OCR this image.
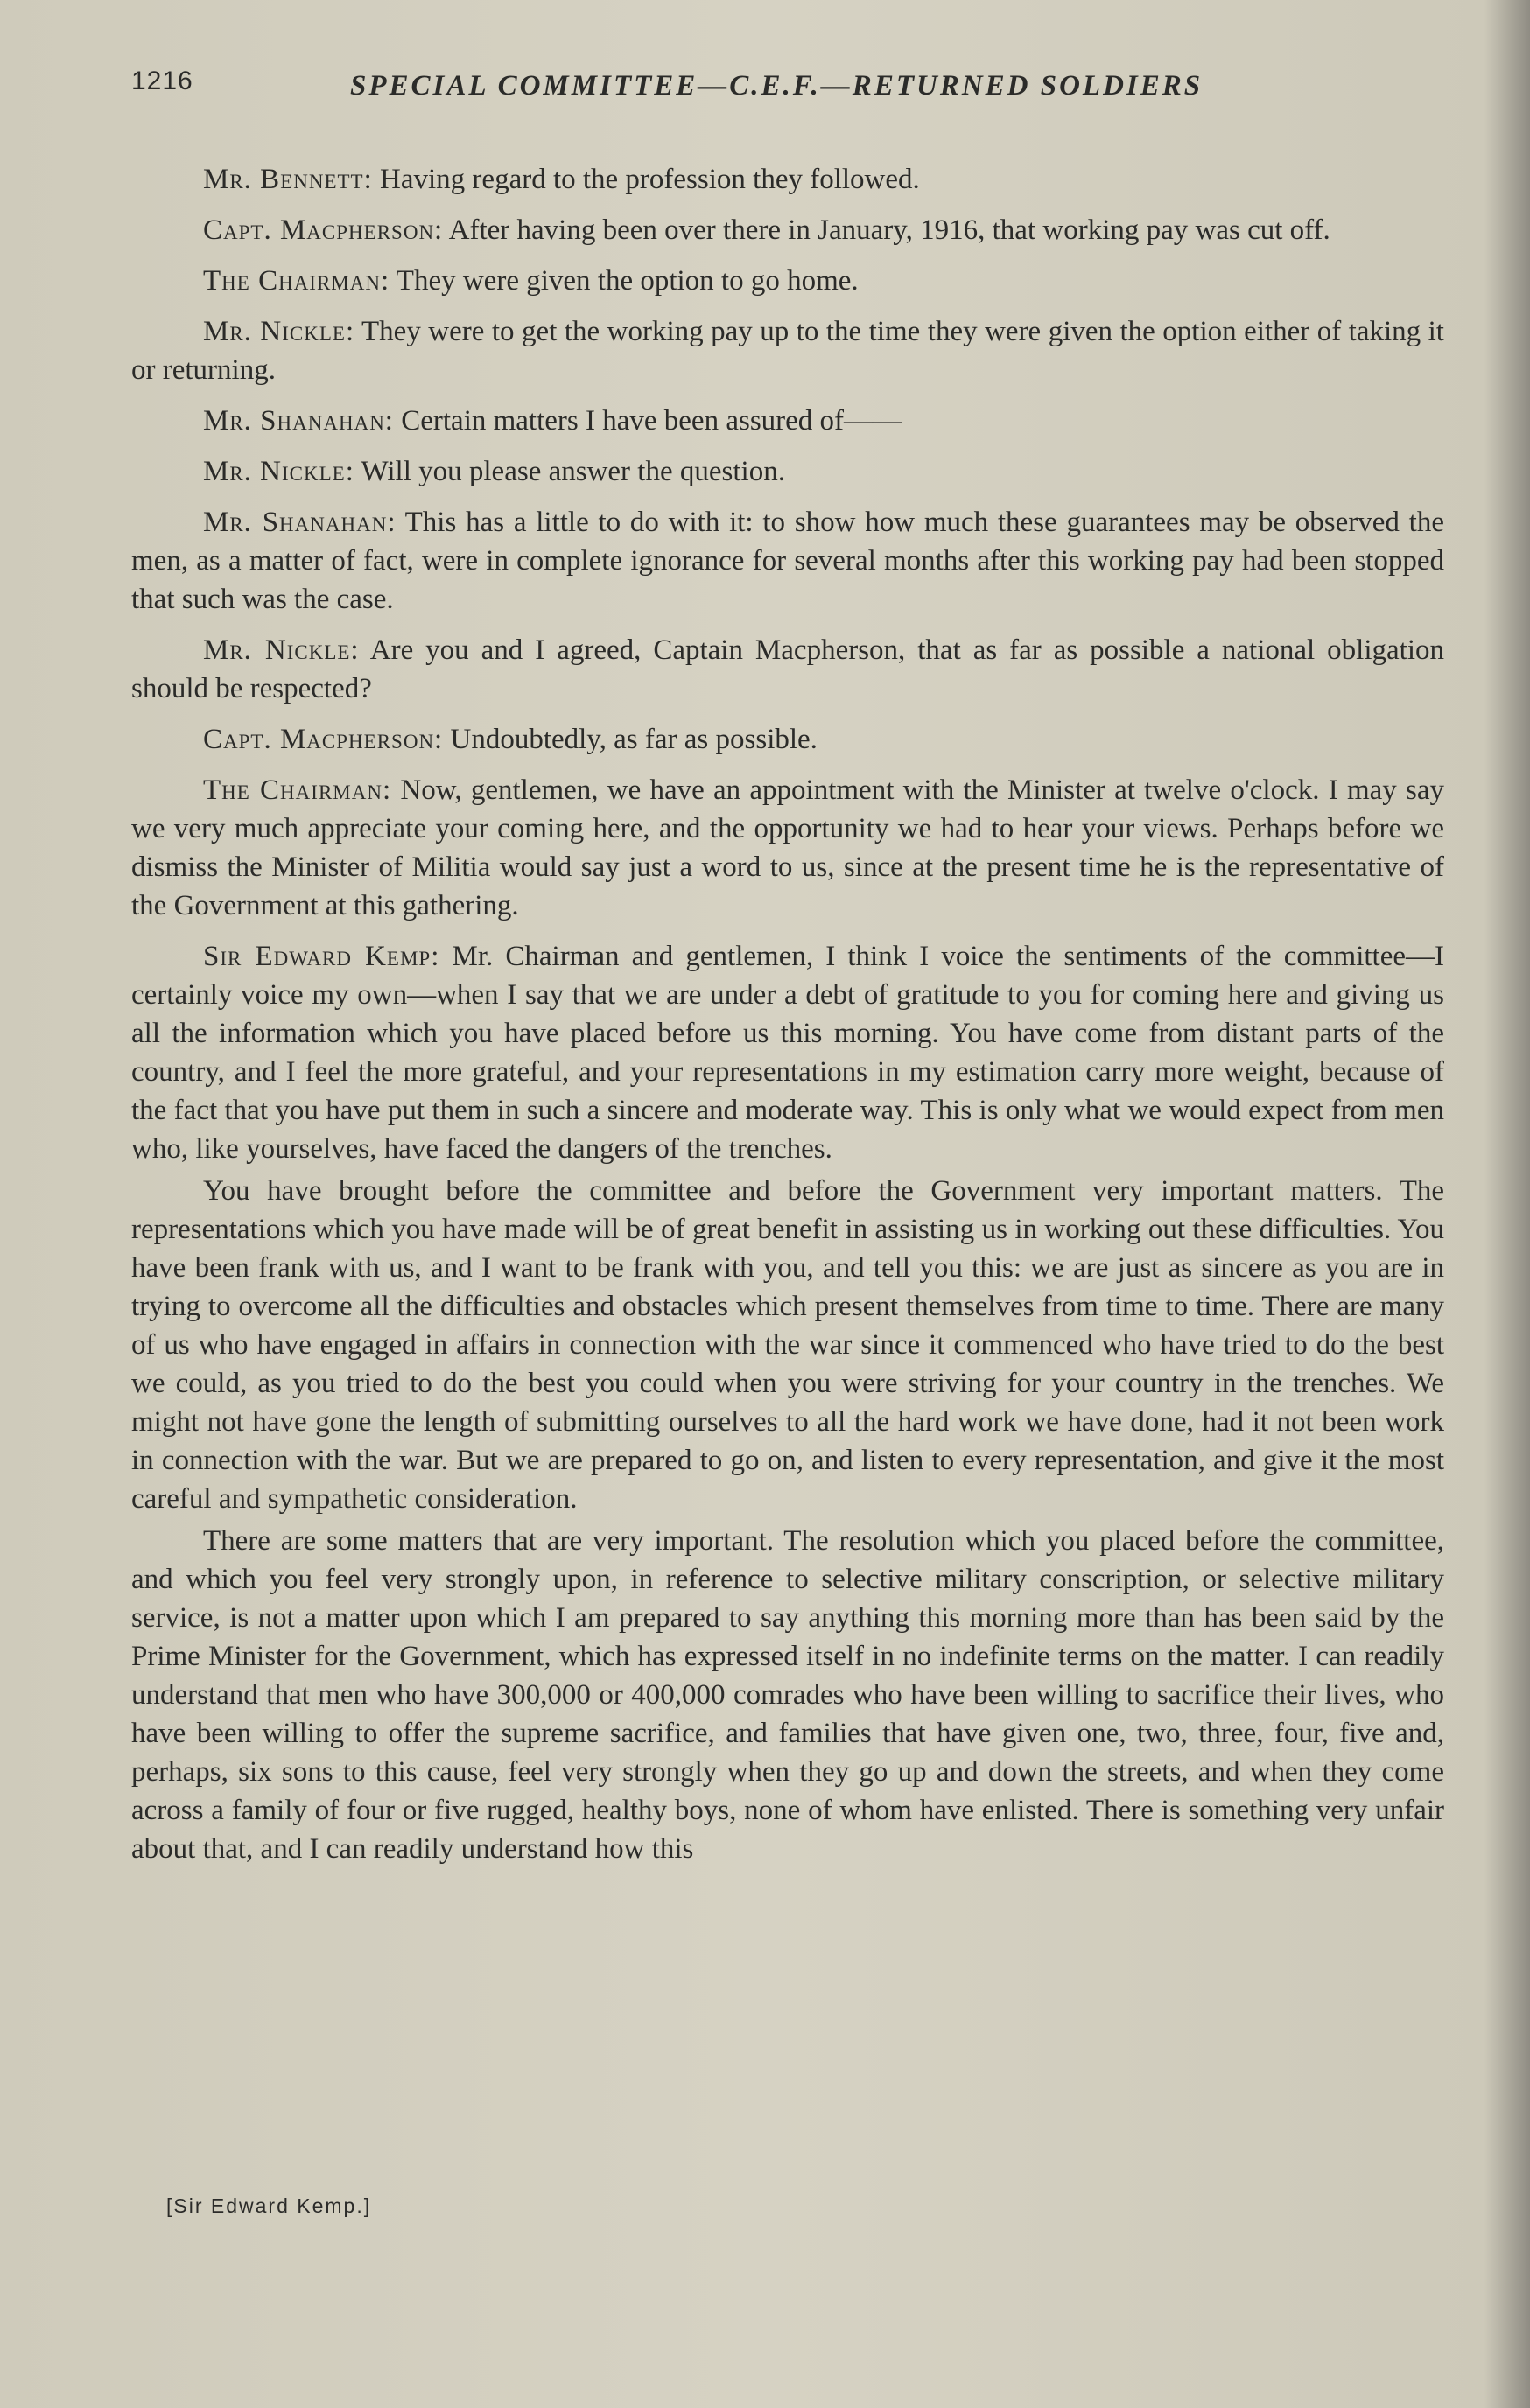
1216	SPECIAL COMMITTEE—C.E.F.—RETURNED SOLDIERS

Mr. Bennett: Having regard to the profession they followed.

Capt. Macpherson: After having been over there in January, 1916, that working pay was cut off.

The Chairman: They were given the option to go home.

Mr. Nickle: They were to get the working pay up to the time they were given the option either of taking it or returning.

Mr. Shanahan: Certain matters I have been assured of——

Mr. Nickle: Will you please answer the question.

Mr. Shanahan: This has a little to do with it: to show how much these guarantees may be observed the men, as a matter of fact, were in complete ignorance for several months after this working pay had been stopped that such was the case.

Mr. Nickle: Are you and I agreed, Captain Macpherson, that as far as possible a national obligation should be respected?

Capt. Macpherson: Undoubtedly, as far as possible.

The Chairman: Now, gentlemen, we have an appointment with the Minister at twelve o'clock. I may say we very much appreciate your coming here, and the opportunity we had to hear your views. Perhaps before we dismiss the Minister of Militia would say just a word to us, since at the present time he is the representative of the Government at this gathering.

Sir Edward Kemp: Mr. Chairman and gentlemen, I think I voice the sentiments of the committee—I certainly voice my own—when I say that we are under a debt of gratitude to you for coming here and giving us all the information which you have placed before us this morning. You have come from distant parts of the country, and I feel the more grateful, and your representations in my estimation carry more weight, because of the fact that you have put them in such a sincere and moderate way. This is only what we would expect from men who, like yourselves, have faced the dangers of the trenches.

You have brought before the committee and before the Government very important matters. The representations which you have made will be of great benefit in assisting us in working out these difficulties. You have been frank with us, and I want to be frank with you, and tell you this: we are just as sincere as you are in trying to overcome all the difficulties and obstacles which present themselves from time to time. There are many of us who have engaged in affairs in connection with the war since it commenced who have tried to do the best we could, as you tried to do the best you could when you were striving for your country in the trenches. We might not have gone the length of submitting ourselves to all the hard work we have done, had it not been work in connection with the war. But we are prepared to go on, and listen to every representation, and give it the most careful and sympathetic consideration.

There are some matters that are very important. The resolution which you placed before the committee, and which you feel very strongly upon, in reference to selective military conscription, or selective military service, is not a matter upon which I am prepared to say anything this morning more than has been said by the Prime Minister for the Government, which has expressed itself in no indefinite terms on the matter. I can readily understand that men who have 300,000 or 400,000 comrades who have been willing to sacrifice their lives, who have been willing to offer the supreme sacrifice, and families that have given one, two, three, four, five and, perhaps, six sons to this cause, feel very strongly when they go up and down the streets, and when they come across a family of four or five rugged, healthy boys, none of whom have enlisted. There is something very unfair about that, and I can readily understand how this

[Sir Edward Kemp.]
